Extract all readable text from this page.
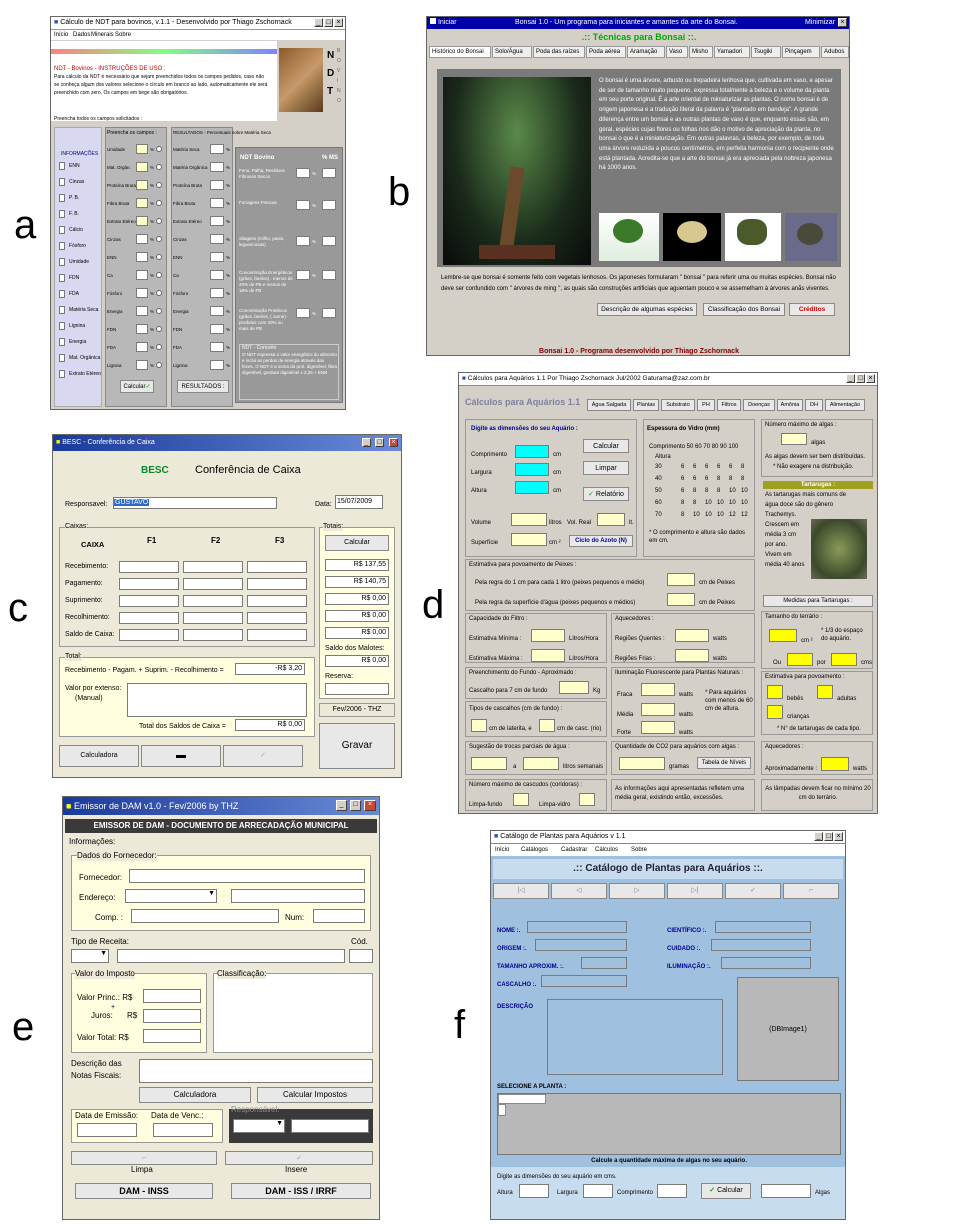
a
b
c	d
e	f
■ Cálculo de NDT para bovinos, v.1.1 - Desenvolvido por Thiago Zschornack	_ □ ×
Início Dados Minerais Sobre
NDT - Bovinos - INSTRUÇÕES DE USO :
Para cálculo da NDT é necessário que sejam preenchidos todos os campos pedidos, caso não
se conheça algum dos valores selecione o círculo em branco ao lado, automaticamente ele será
preenchido com zero. Os campos em bege são obrigatórios.
N
D
T
B
O
V
I
N
O
Preencha todos os campos solicitados :
INFORMAÇÕES
ENN
Cinzas
P. B.
F. B.
Cálcio
Fósforo
Umidade
FDN
FDA
Matéria Seca
Lignina
Energia
Mat. Orgânica
Extrato Etéreo
Preencha os campos :
Umidade	%
Mat. Orgân.	%
Proteína Bruta	%
Fibra Bruta	%
Extrato Etéreo	%
Cinzas	%
ENN	%
Ca	%
Fósforo	%
Energia	%
FDN	%
FDA	%
Lignina	%
Calcular✓
RESULTADOS - Percentuais sobre Matéria Seca
Matéria Seca	%
Matéria Orgânica	%
Proteína Bruta	%
Fibra Bruta	%
Extrato Etéreo	%
Cinzas	%
ENN	%
Ca	%
Fósforo	%
Energia	%
FDN	%
FDA	%
Lignina	%
RESULTADOS :
NDT Bovino	% MS
Feno, Palha, Resíduos Fibrosos Secos
%
Forragens Frescas
%
Silagens (milho, pasto, leguminosas)
%
Concentração Energéticos (grãos, farelos) : menos de 20% de PB e menos de 18% de FB
%
Concentração Protéicos (grãos, farelos, ( carne) - produtos com 20% ou mais de PB
%
NDT - Conceito
O NDT expressa o valor energético do alimento e inclui as perdas de energia através das fezes. O NDT é a soma da prot. digestível, fibra digestível, gordura digestível x 2,25 + ENN
Iniciar	Bonsai 1.0 - Um programa para iniciantes e amantes da arte do Bonsai.	Minimizar ×
.:: Técnicas para Bonsai ::.
Histórico do Bonsai	Solo/Água	Poda das raízes	Poda aérea	Aramação	Vaso	Misho	Yamadori	Tsugiki	Pinçagem	Adubos
O bonsai é uma árvore, arbusto ou trepadeira lenhosa que, cultivada em vaso, e apesar de ser de tamanho muito pequeno, expressa totalmente a beleza e o volume da planta em seu porte original. É a arte oriental de miniaturizar as plantas. O nome bonsai é de origem japonesa e a tradução literal da palavra é "plantado em bandeja". A grande diferença entre um bonsai e as outras plantas de vaso é que, enquanto essas são, em geral, espécies cujas flores ou folhas nos dão o motivo de apreciação da planta, no bonsai o que é a miniaturização. Em outras palavras, a beleza, por exemplo, de toda uma árvore reduzida a poucos centímetros, em perfeita harmonia com o recipiente onde está plantada. Acredita-se que a arte do bonsai já era apreciada pela nobreza japonesa há 1000 anos.
Lembre-se que bonsai é somente feito com vegetais lenhosos. Os japoneses formularam " bonsai " para referir uma ou muitas espécies. Bonsai não deve ser confundido com " árvores de ming ", as quais são construções artificiais que aguentam pouco e se assemelham à árvores anãs viventes.
Descrição de algumas espécies	Classificação dos Bonsai	Créditos
Bonsai 1.0 - Programa desenvolvido por Thiago Zschornack
■ BESC - Conferência de Caixa	_	□	×
BESC Conferência de Caixa
Responsavel: GUSTAVO	Data: 15/07/2009
Caixas:
CAIXA	F1	F2	F3
Recebimento:
Pagamento:
Suprimento:
Recolhimento:
Saldo de Caixa:
Totais:
Calcular
R$ 137,55
R$ 140,75
R$ 0,00
R$ 0,00
R$ 0,00
Saldo dos Malotes:
R$ 0,00
Reserva:
Total:
Recebimento - Pagam. + Suprim. - Recolhimento =	-R$ 3,20
Valor por extenso:
(Manual)
Total dos Saldos de Caixa =	R$ 0,00
Fev/2006 - THZ
Gravar
Calculadora	▬	✓
■ Cálculos para Aquários 1.1 Por Thiago Zschornack Jul/2002 Gaturama@zaz.com.br	_ □ ×
Cálculos para Aquários 1.1	Água Salgada	Plantas	Substrato	PH	Filtros	Doenças	Amônia	DH	Alimentação
Digite as dimensões do seu Aquário :
Comprimento	cm
Largura	cm
Altura	cm
Calcular
Limpar
✓ Relatório
Volume	litros Vol. Real	lt.
Superfície	cm ²	Ciclo do Azoto (N)
Espessura do Vidro (mm)
Comprimento 50 60 70 80 90 100
Altura
30	6 6 6 6 6 8
40	6 6 6 8 8 8
50	6 8 8 8 10 10
60	8 8 10 10 10 10
70	8 10 10 10 12 12
* O comprimento e altura são dados em cm.
Número máximo de algas :
algas
As algas devem ser bem distribuídas.
* Não exagere na distribuição.
Tartarugas :
As tartarugas mais comuns de
água doce são do gênero
Trachemys.
Crescem em
média 3 cm
por ano.
Vivem em
média 40 anos
Medidas para Tartarugas :
Estimativa para povoamento de Peixes :
Pela regra do 1 cm para cada 1 litro (peixes pequenos e médio)	cm de Peixes
Pela regra da superfície d'água (peixes pequenos e médios)	cm de Peixes
Tamanho do terrário :
cm ²
* 1/3 do espaço do aquário.
Ou	por	cms
Capacidade do Filtro :
Estimativa Mínima :	Litros/Hora
Estimativa Máxima :	Litros/Hora
Aquecedores :
Regiões Quentes :	watts
Regiões Frias :	watts
Estimativa para povoamento :
bebês	adultas
crianças
* N° de tartarugas de cada tipo.
Preenchimento do Fundo - Aproximado :
Cascalho para 7 cm de fundo	Kg
Tipos de cascalhos (cm de fundo) :
cm de laterita, e	cm de casc. (rio)
Iluminação Fluorescente para Plantas Naturais :
Fraca	watts
Média	watts
Forte	watts
* Para aquários com menos de 60 cm de altura.
Aquecedores :
Aproximadamente :	watts
Sugestão de trocas parciais de água :
a	litros semanais
Quantidade de CO2 para aquários com algas :
gramas
Tabela de Níveis
Número máximo de cascudos (coridoras) :
Limpa-fundo	Limpa-vidro
As informações aqui apresentadas refletem uma média geral, existindo então, excessões.
As lâmpadas devem ficar no mínimo 20 cm do terrário.
■ Emissor de DAM v1.0 - Fev/2006 by THZ	_	□	×
EMISSOR DE DAM - DOCUMENTO DE ARRECADAÇÃO MUNICIPAL
Informações:
Dados do Fornecedor:
Fornecedor:
Endereço:	▼
Comp. :	Num:
Tipo de Receita:	Cód.
▼
Valor do Imposto
Valor Princ.: R$
+
Juros: R$
Valor Total: R$
Classificação:
Descrição das
Notas Fiscais:
Calculadora	Calcular Impostos
Data de Emissão: Data de Venc.:
Responsável:
▼
⌐	✓
Limpa	Insere
DAM - INSS	DAM - ISS / IRRF
■ Catálogo de Plantas para Aquários v 1.1	_ □ ×
Início Catálogos Cadastrar Cálculos Sobre
.:: Catálogo de Plantas para Aquários ::.
|◁	◁	▷	▷|	✓	⌐
NOME :.	CIENTÍFICO :.
ORIGEM :.	CUIDADO :.
TAMANHO APROXIM. :.	ILUMINAÇÃO :.
CASCALHO :.
DESCRIÇÃO
(DBImage1)
SELECIONE A PLANTA :
Calcule a quantidade máxima de algas no seu aquário.
Digite as dimensões do seu aquário em cms.
Altura	Largura	Comprimento	✓ Calcular	Algas
